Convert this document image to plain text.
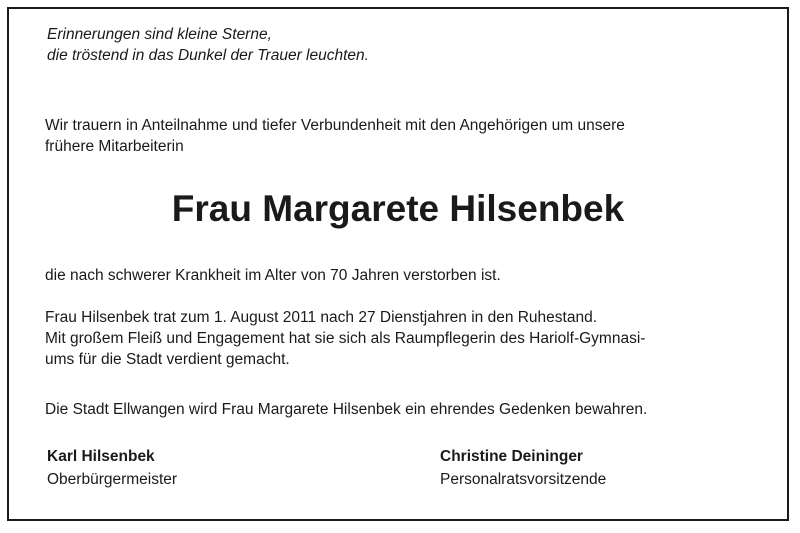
Erinnerungen sind kleine Sterne,
die tröstend in das Dunkel der Trauer leuchten.

Wir trauern in Anteilnahme und tiefer Verbundenheit mit den Angehörigen um unsere
frühere Mitarbeiterin

Frau Margarete Hilsenbek

die nach schwerer Krankheit im Alter von 70 Jahren verstorben ist.

Frau Hilsenbek trat zum 1. August 2011 nach 27 Dienstjahren in den Ruhestand.
Mit großem Fleiß und Engagement hat sie sich als Raumpflegerin des Hariolf-Gymnasi-
ums für die Stadt verdient gemacht.

Die Stadt Ellwangen wird Frau Margarete Hilsenbek ein ehrendes Gedenken bewahren.

Karl Hilsenbek
Oberbürgermeister
Christine Deininger
Personalratsvorsitzende
